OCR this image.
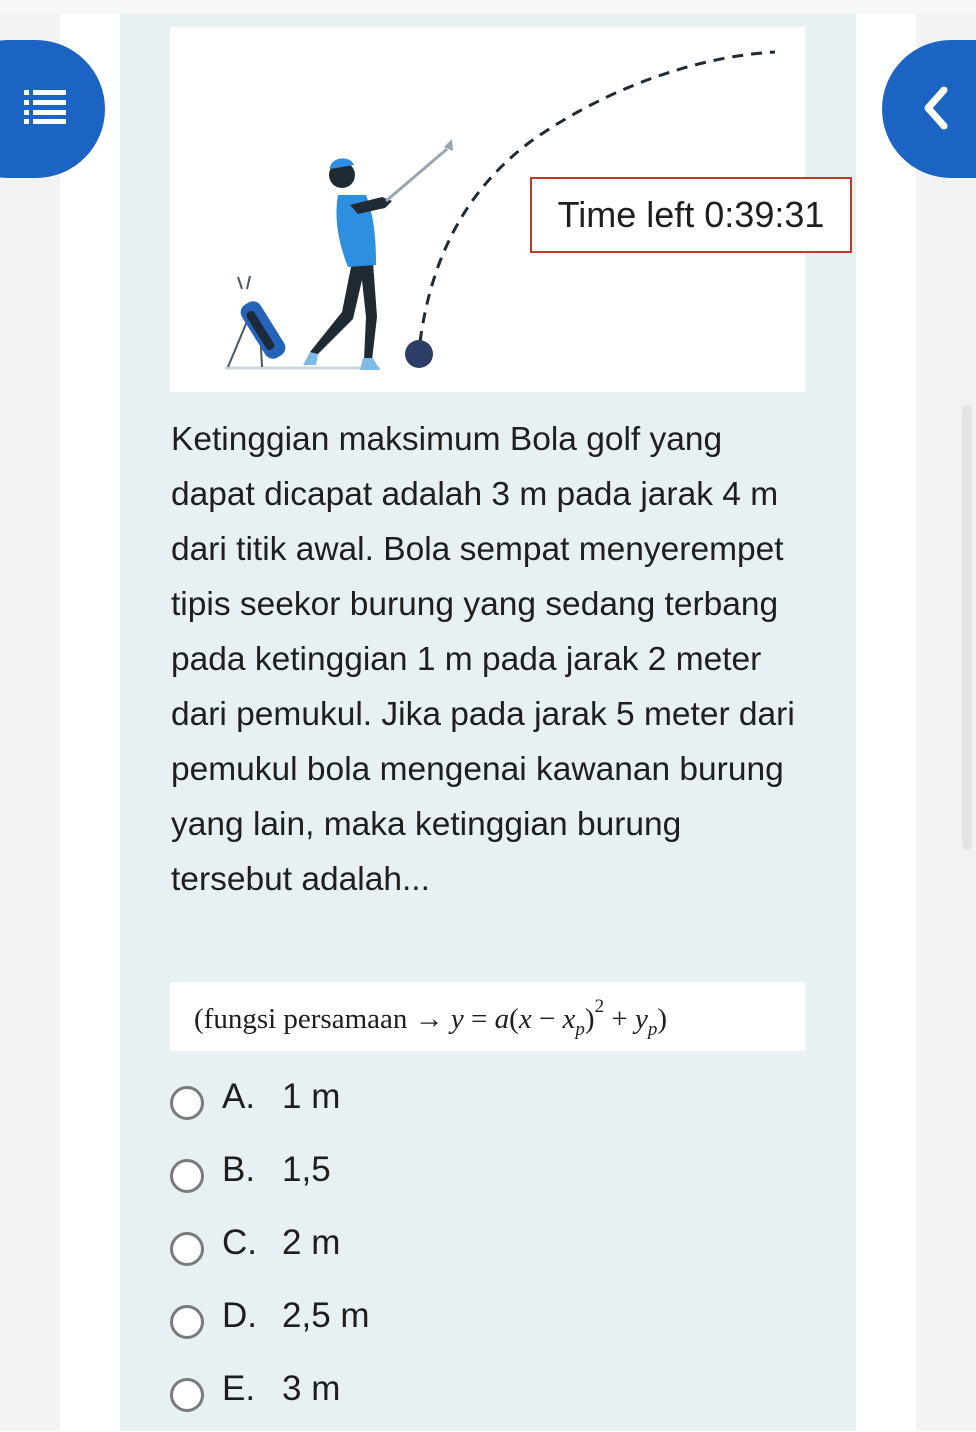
Time left 0:39:31
Ketinggian maksimum Bola golf yang dapat dicapat adalah 3 m pada jarak 4 m dari titik awal. Bola sempat menyerempet tipis seekor burung yang sedang terbang pada ketinggian 1 m pada jarak 2 meter dari pemukul. Jika pada jarak 5 meter dari pemukul bola mengenai kawanan burung yang lain, maka ketinggian burung tersebut adalah...
(fungsi persamaan → $y = a(x - x_p)^2 + y_p$)
A. 1 m
B. 1,5
C. 2 m
D. 2,5 m
E. 3 m
